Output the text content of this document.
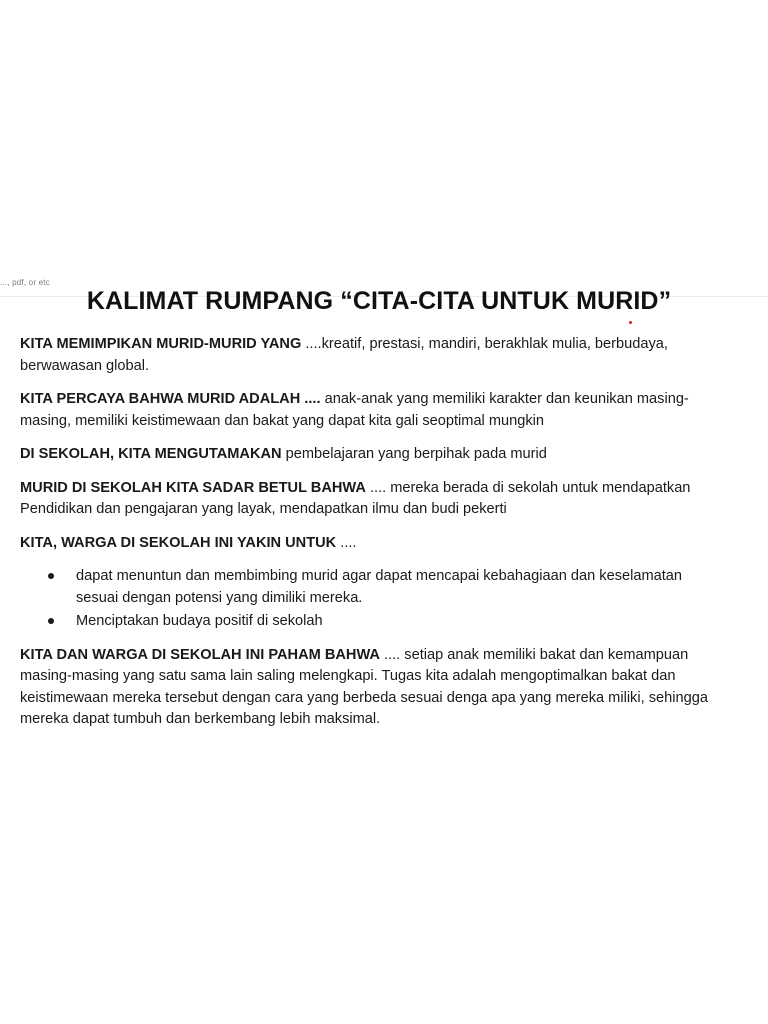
..., pdf, or etc
KALIMAT RUMPANG “CITA-CITA UNTUK MURID”

KITA MEMIMPIKAN MURID-MURID YANG ....kreatif, prestasi, mandiri, berakhlak mulia, berbudaya, berwawasan global.

KITA PERCAYA BAHWA MURID ADALAH .... anak-anak yang memiliki karakter dan keunikan masing-masing, memiliki keistimewaan dan bakat yang dapat kita gali seoptimal mungkin

DI SEKOLAH, KITA MENGUTAMAKAN pembelajaran yang berpihak pada murid

MURID DI SEKOLAH KITA SADAR BETUL BAHWA .... mereka berada di sekolah untuk mendapatkan Pendidikan dan pengajaran yang layak, mendapatkan ilmu dan budi pekerti

KITA, WARGA DI SEKOLAH INI YAKIN UNTUK ....

dapat menuntun dan membimbing murid agar dapat mencapai kebahagiaan dan keselamatan sesuai dengan potensi yang dimiliki mereka.
Menciptakan budaya positif di sekolah

KITA DAN WARGA DI SEKOLAH INI PAHAM BAHWA .... setiap anak memiliki bakat dan kemampuan masing-masing yang satu sama lain saling melengkapi. Tugas kita adalah mengoptimalkan bakat dan keistimewaan mereka tersebut dengan cara yang berbeda sesuai denga apa yang mereka miliki, sehingga mereka dapat tumbuh dan berkembang lebih maksimal.
